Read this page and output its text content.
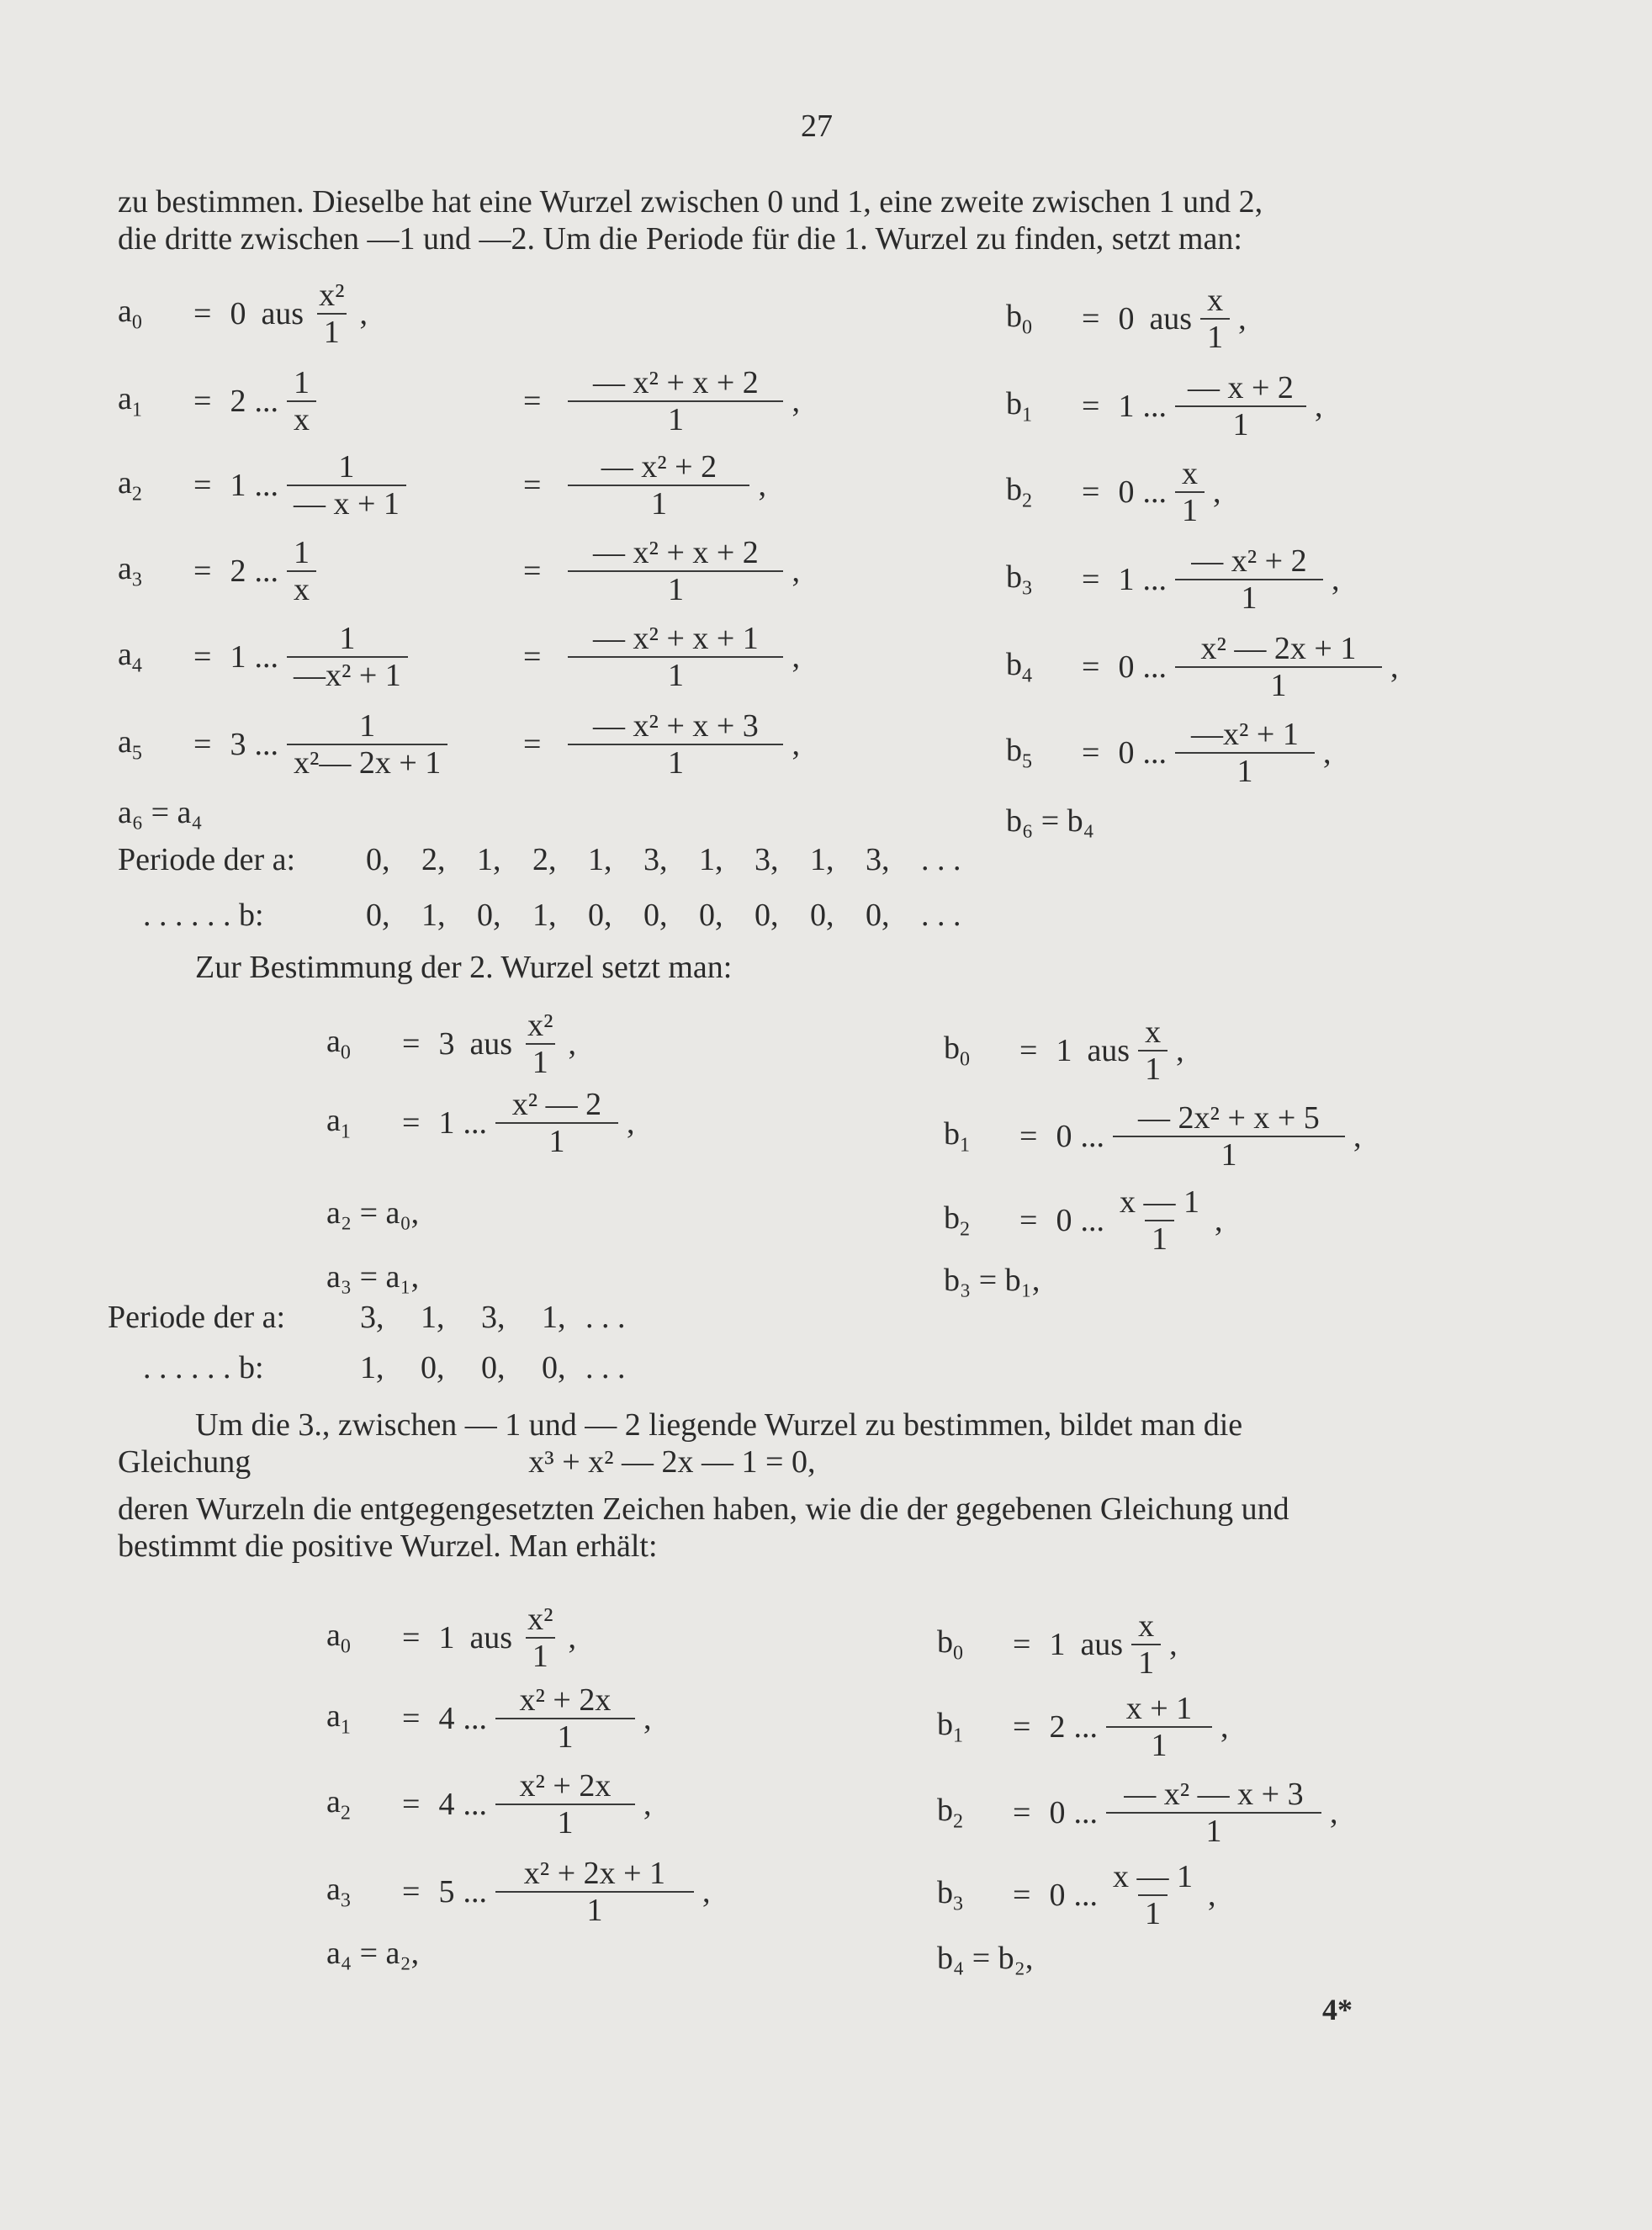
27
zu bestimmen. Dieselbe hat eine Wurzel zwischen 0 und 1, eine zweite zwischen 1 und 2,
die dritte zwischen —1 und —2. Um die Periode für die 1. Wurzel zu finden, setzt man:
$a_0$	= 0 aus $\frac{\text{x²}}{1}$ ,
$a_1$	= 2 ... $\frac{1}{x}$	= $\frac{\text{— x² + x + 2}}{1}$ ,
$a_2$	= 1 ... $\frac{1}{— x + 1}$	= $\frac{\text{— x² + 2}}{1}$ ,
$a_3$	= 2 ... $\frac{1}{x}$	= $\frac{\text{— x² + x + 2}}{1}$ ,
$a_4$	= 1 ... $\frac{1}{\text{—x² + 1}}$	= $\frac{\text{— x² + x + 1}}{1}$ ,
$a_5$	= 3 ... $\frac{1}{\text{x²— 2x + 1}} = \frac{\text{— x² + x + 3}}{1}$ ,
a₆ = a₄
$b_0$	= 0 aus $\frac{x}{1}$ ,
$b_1$	= 1 ... $\frac{— x + 2}{1}$ ,
$b_2$	= 0 ... $\frac{x}{1}$ ,
$b_3$	= 1 ... $\frac{\text{— x² + 2}}{1}$ ,
$b_4$	= 0 ... $\frac{\text{x² — 2x + 1}}{1}$ ,
$b_5$	= 0 ... $\frac{\text{—x² + 1}}{1}$ ,
b₆ = b₄
Periode der a: 0, 2, 1, 2, 1, 3, 1, 3, 1, 3, . . .
. . . . . . b:	0, 1, 0, 1, 0, 0, 0, 0, 0, 0, . . .
Zur Bestimmung der 2. Wurzel setzt man:
$a_0$	= 3 aus $\frac{\text{x²}}{1}$ ,
$a_1$	= 1 ... $\frac{\text{x² — 2}}{1}$ ,
a₂ = a₀,
a₃ = a₁,
$b_0$	= 1 aus $\frac{x}{1}$ ,
$b_1$	= 0 ... $\frac{\text{— 2x² + x + 5}}{1}$ ,
$b_2$	= 0 ... $\frac{x — 1}{1}$ ,
b₃ = b₁,
Periode der a: 3, 1, 3, 1, . . .
. . . . . . b:	1, 0, 0, 0, . . .
Um die 3., zwischen — 1 und — 2 liegende Wurzel zu bestimmen, bildet man die
Gleichung	x³ + x² — 2x — 1 = 0,
deren Wurzeln die entgegengesetzten Zeichen haben, wie die der gegebenen Gleichung und
bestimmt die positive Wurzel. Man erhält:
$a_0$	= 1 aus $\frac{\text{x²}}{1}$ ,
$a_1$	= 4 ... $\frac{\text{x² + 2x}}{1}$ ,
$a_2$	= 4 ... $\frac{\text{x² + 2x}}{1}$ ,
$a_3$	= 5 ... $\frac{\text{x² + 2x + 1}}{1}$ ,
a₄ = a₂,
$b_0$	= 1 aus $\frac{x}{1}$ ,
$b_1$	= 2 ... $\frac{x + 1}{1}$ ,
$b_2$	= 0 ... $\frac{\text{— x² — x + 3}}{1}$ ,
$b_3$	= 0 ... $\frac{x — 1}{1}$ ,
b₄ = b₂,
4*
